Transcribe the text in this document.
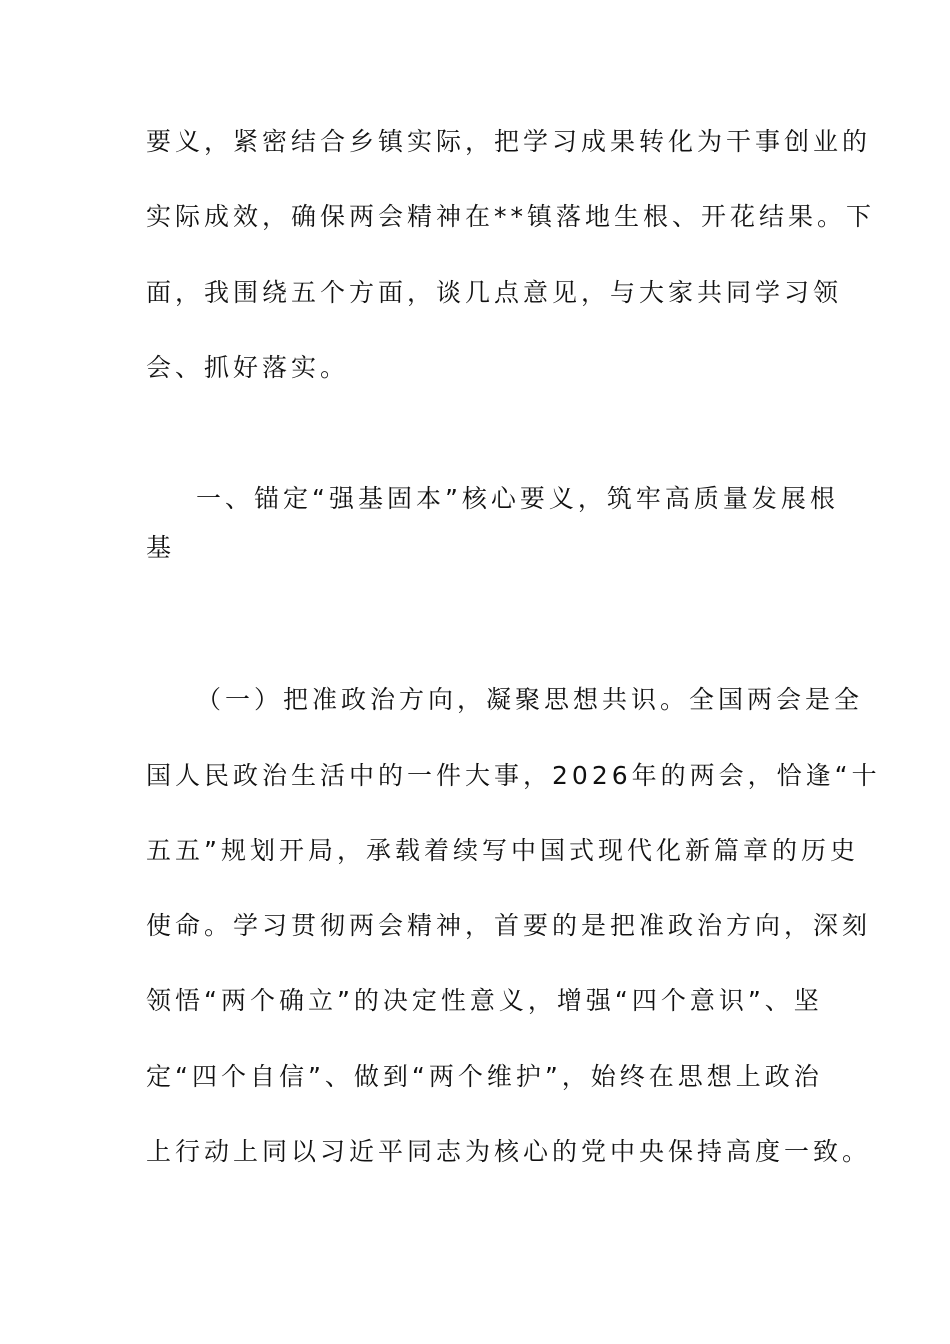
要义，紧密结合乡镇实际，把学习成果转化为干事创业的
实际成效，确保两会精神在**镇落地生根、开花结果。下
面，我围绕五个方面，谈几点意见，与大家共同学习领
会、抓好落实。
一、锚定“强基固本”核心要义，筑牢高质量发展根
基
（一）把准政治方向，凝聚思想共识。全国两会是全
国人民政治生活中的一件大事，2026年的两会，恰逢“十
五五”规划开局，承载着续写中国式现代化新篇章的历史
使命。学习贯彻两会精神，首要的是把准政治方向，深刻
领悟“两个确立”的决定性意义，增强“四个意识”、坚
定“四个自信”、做到“两个维护”，始终在思想上政治
上行动上同以习近平同志为核心的党中央保持高度一致。
